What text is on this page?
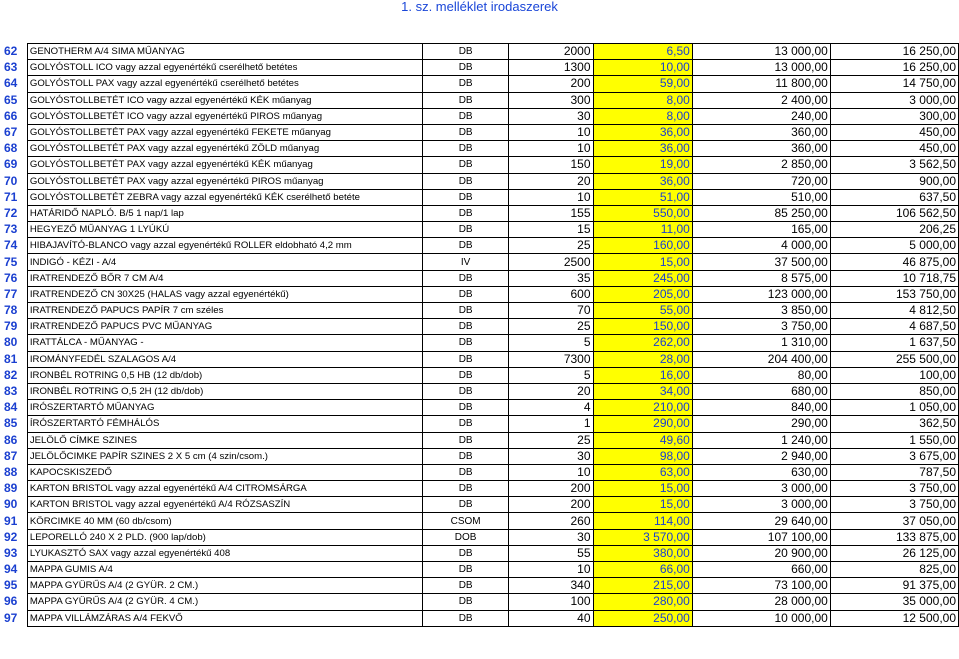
1. sz. melléklet irodaszerek
62	GENOTHERM A/4 SIMA MŰANYAG	DB	2000	6,50	13 000,00	16 250,00
63	GOLYÓSTOLL ICO vagy azzal egyenértékű cserélhető betétes	DB	1300	10,00	13 000,00	16 250,00
64	GOLYÓSTOLL PAX vagy azzal egyenértékű cserélhető betétes	DB	200	59,00	11 800,00	14 750,00
65	GOLYÓSTOLLBETÉT ICO vagy azzal egyenértékű KÉK műanyag	DB	300	8,00	2 400,00	3 000,00
66	GOLYÓSTOLLBETÉT ICO vagy azzal egyenértékű PIROS műanyag	DB	30	8,00	240,00	300,00
67	GOLYÓSTOLLBETÉT PAX vagy azzal egyenértékű FEKETE műanyag	DB	10	36,00	360,00	450,00
68	GOLYÓSTOLLBETÉT PAX vagy azzal egyenértékű ZÖLD műanyag	DB	10	36,00	360,00	450,00
69	GOLYÓSTOLLBETÉT PAX vagy azzal egyenértékű KÉK műanyag	DB	150	19,00	2 850,00	3 562,50
70	GOLYÓSTOLLBETÉT PAX vagy azzal egyenértékű PIROS műanyag	DB	20	36,00	720,00	900,00
71	GOLYÓSTOLLBETÉT ZEBRA vagy azzal egyenértékű KÉK cserélhető betéte	DB	10	51,00	510,00	637,50
72	HATÁRIDŐ NAPLÓ. B/5 1 nap/1 lap	DB	155	550,00	85 250,00	106 562,50
73	HEGYEZŐ MŰANYAG 1 LYÚKÚ	DB	15	11,00	165,00	206,25
74	HIBAJAVÍTÓ-BLANCO vagy azzal egyenértékű ROLLER eldobható 4,2 mm	DB	25	160,00	4 000,00	5 000,00
75	INDIGÓ - KÉZI - A/4	IV	2500	15,00	37 500,00	46 875,00
76	IRATRENDEZŐ BŐR 7 CM A/4	DB	35	245,00	8 575,00	10 718,75
77	IRATRENDEZŐ CN 30X25 (HALAS vagy azzal egyenértékű)	DB	600	205,00	123 000,00	153 750,00
78	IRATRENDEZŐ PAPUCS PAPÍR 7 cm széles	DB	70	55,00	3 850,00	4 812,50
79	IRATRENDEZŐ PAPUCS PVC MŰANYAG	DB	25	150,00	3 750,00	4 687,50
80	IRATTÁLCA - MŰANYAG -	DB	5	262,00	1 310,00	1 637,50
81	IROMÁNYFEDÉL SZALAGOS A/4	DB	7300	28,00	204 400,00	255 500,00
82	IRONBÉL ROTRING 0,5 HB (12 db/dob)	DB	5	16,00	80,00	100,00
83	IRONBÉL ROTRING O,5 2H (12 db/dob)	DB	20	34,00	680,00	850,00
84	IRÓSZERTARTÓ MŰANYAG	DB	4	210,00	840,00	1 050,00
85	ÍRÓSZERTARTÓ FÉMHÁLÓS	DB	1	290,00	290,00	362,50
86	JELÖLŐ CÍMKE SZINES	DB	25	49,60	1 240,00	1 550,00
87	JELÖLŐCIMKE PAPÍR SZINES 2 X 5 cm (4 szin/csom.)	DB	30	98,00	2 940,00	3 675,00
88	KAPOCSKISZEDŐ	DB	10	63,00	630,00	787,50
89	KARTON BRISTOL vagy azzal egyenértékű A/4 CITROMSÁRGA	DB	200	15,00	3 000,00	3 750,00
90	KARTON BRISTOL vagy azzal egyenértékű A/4 RÓZSASZÍN	DB	200	15,00	3 000,00	3 750,00
91	KÖRCIMKE 40 MM (60 db/csom)	CSOM	260	114,00	29 640,00	37 050,00
92	LEPORELLÓ 240 X 2 PLD. (900 lap/dob)	DOB	30	3 570,00	107 100,00	133 875,00
93	LYUKASZTÓ SAX vagy azzal egyenértékű 408	DB	55	380,00	20 900,00	26 125,00
94	MAPPA GUMIS A/4	DB	10	66,00	660,00	825,00
95	MAPPA GYÜRŰS A/4 (2 GYÜR. 2 CM.)	DB	340	215,00	73 100,00	91 375,00
96	MAPPA GYÜRŰS A/4 (2 GYÜR. 4 CM.)	DB	100	280,00	28 000,00	35 000,00
97	MAPPA VILLÁMZÁRAS A/4 FEKVŐ	DB	40	250,00	10 000,00	12 500,00
